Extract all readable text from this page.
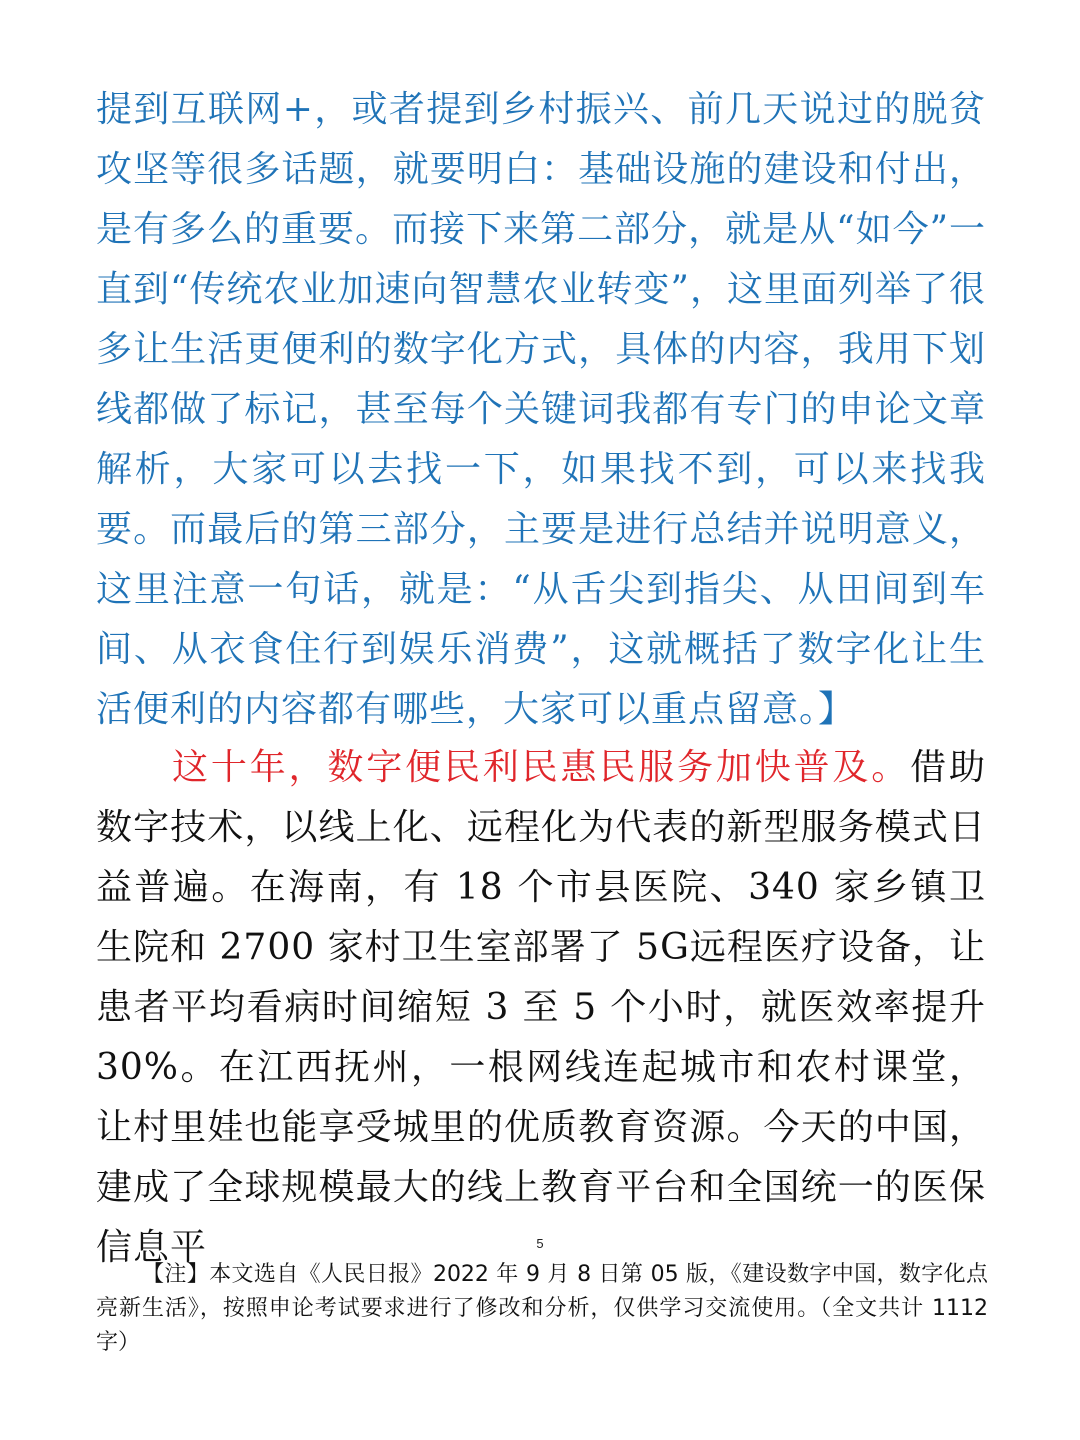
提到互联网+，或者提到乡村振兴、前几天说过的脱贫攻坚等很多话题，就要明白：基础设施的建设和付出，是有多么的重要。而接下来第二部分，就是从“如今”一直到“传统农业加速向智慧农业转变”，这里面列举了很多让生活更便利的数字化方式，具体的内容，我用下划线都做了标记，甚至每个关键词我都有专门的申论文章解析，大家可以去找一下，如果找不到，可以来找我要。而最后的第三部分，主要是进行总结并说明意义，这里注意一句话，就是：“从舌尖到指尖、从田间到车间、从衣食住行到娱乐消费”，这就概括了数字化让生活便利的内容都有哪些，大家可以重点留意。】
这十年，数字便民利民惠民服务加快普及。借助数字技术，以线上化、远程化为代表的新型服务模式日益普遍。在海南，有 18 个市县医院、340 家乡镇卫生院和 2700 家村卫生室部署了 5G远程医疗设备，让患者平均看病时间缩短 3 至 5 个小时，就医效率提升 30%。在江西抚州，一根网线连起城市和农村课堂，让村里娃也能享受城里的优质教育资源。今天的中国，建成了全球规模最大的线上教育平台和全国统一的医保信息平	5
【注】本文选自《人民日报》2022 年 9 月 8 日第 05 版，《建设数字中国，数字化点亮新生活》，按照申论考试要求进行了修改和分析，仅供学习交流使用。（全文共计 1112 字）
